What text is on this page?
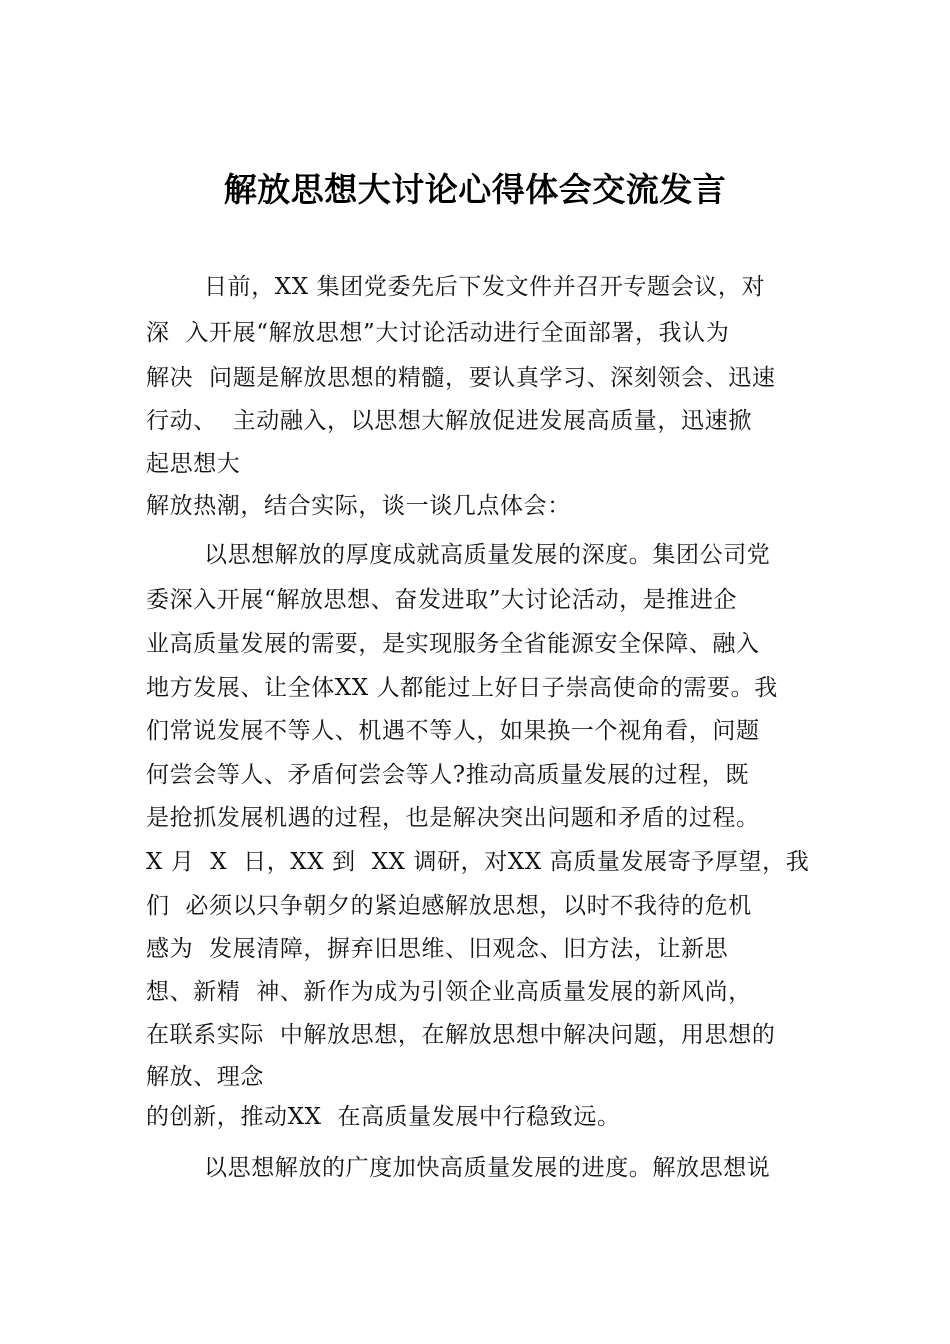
解放思想大讨论心得体会交流发言
日前，XX 集团党委先后下发文件并召开专题会议，对
深  入开展“解放思想”大讨论活动进行全面部署，我认为
解决  问题是解放思想的精髓，要认真学习、深刻领会、迅速
行动、  主动融入，以思想大解放促进发展高质量，迅速掀
起思想大
解放热潮，结合实际，谈一谈几点体会：
以思想解放的厚度成就高质量发展的深度。集团公司党
委深入开展“解放思想、奋发进取”大讨论活动，是推进企
业高质量发展的需要，是实现服务全省能源安全保障、融入
地方发展、让全体XX 人都能过上好日子崇高使命的需要。我
们常说发展不等人、机遇不等人，如果换一个视角看，问题
何尝会等人、矛盾何尝会等人?推动高质量发展的过程，既
是抢抓发展机遇的过程，也是解决突出问题和矛盾的过程。
X 月  X  日，XX 到  XX 调研，对XX 高质量发展寄予厚望，我
们  必须以只争朝夕的紧迫感解放思想，以时不我待的危机
感为  发展清障，摒弃旧思维、旧观念、旧方法，让新思
想、新精  神、新作为成为引领企业高质量发展的新风尚，
在联系实际  中解放思想，在解放思想中解决问题，用思想的
解放、理念
的创新，推动XX  在高质量发展中行稳致远。
以思想解放的广度加快高质量发展的进度。解放思想说
